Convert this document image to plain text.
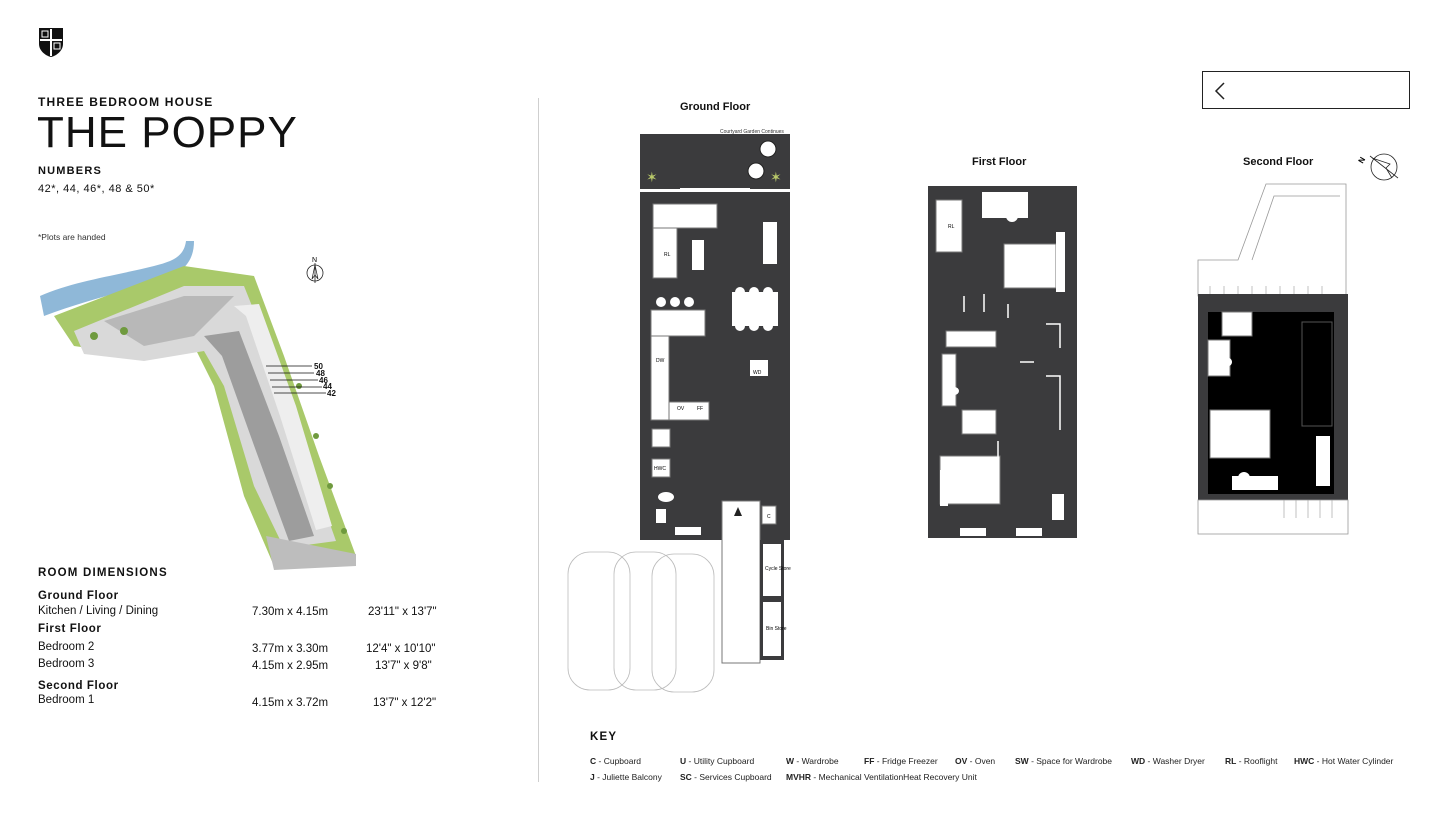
THREE BEDROOM HOUSE
THE POPPY
NUMBERS
42*, 44, 46*, 48 & 50*
*Plots are handed
50
48
46
44
42
N
ROOM DIMENSIONS
Ground Floor
Kitchen / Living / Dining	7.30m x 4.15m	23'11" x 13'7"
First Floor
Bedroom 2	3.77m x 3.30m	12'4" x 10'10"
Bedroom 3	4.15m x 2.95m	13'7" x 9'8"
Second Floor
Bedroom 1	4.15m x 3.72m	13'7" x 12'2"
Ground Floor
First Floor	Second Floor
Courtyard Garden Continues
✶	✶
RL
OV	FF
DW
WD
HWC
C
Cycle Store
Bin Store
RL
N
KEY
C - Cupboard	U - Utility Cupboard	W - Wardrobe	FF - Fridge Freezer OV - Oven SW - Space for Wardrobe WD - Washer Dryer RL - Rooflight HWC - Hot Water Cylinder
J - Juliette Balcony SC - Services Cupboard MVHR - Mechanical VentilationHeat Recovery Unit
